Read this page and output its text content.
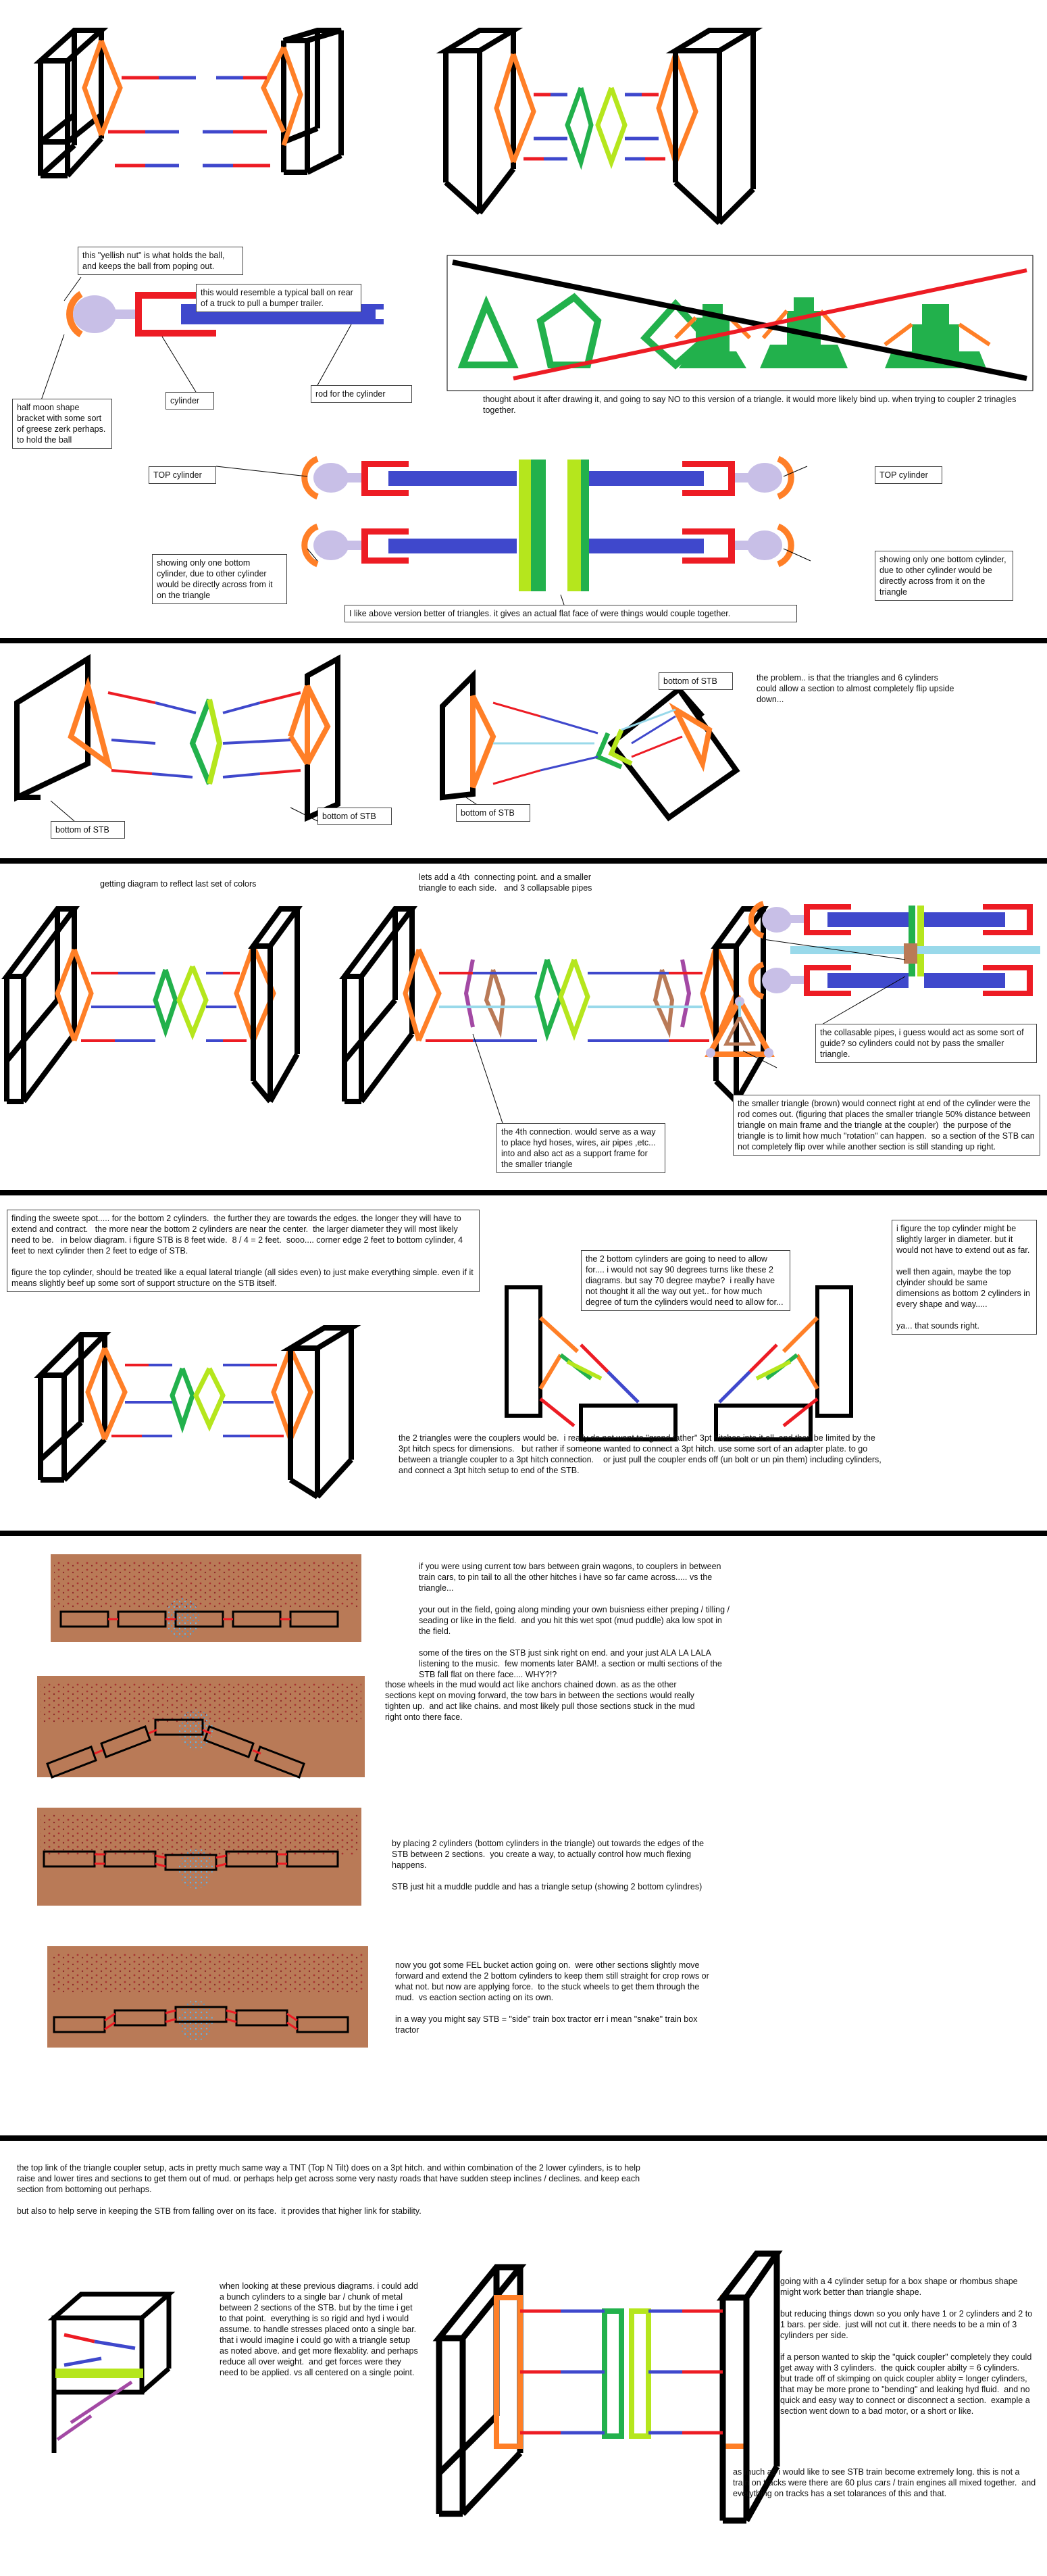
this "yellish nut" is what holds the ball, and keeps the ball from poping out.
this would resemble a typical ball on rear of a truck to pull a bumper trailer.
half moon shape bracket with some sort of greese zerk perhaps. to hold the ball
cylinder
rod for the cylinder
thought about it after drawing it, and going to say NO to this version of a triangle. it would more likely bind up. when trying to coupler 2 trinagles together.
TOP cylinder	TOP cylinder
showing only one bottom cylinder, due to other cylinder would be directly across from it on the triangle
showing only one bottom cylinder, due to other cylinder would be directly across from it on the triangle
I like above version better of triangles. it gives an actual flat face of were things would couple together.
bottom of STB
bottom of STB	bottom of STB
bottom of STB	the problem.. is that the triangles and 6 cylinders could allow a section to almost completely flip upside down...
getting diagram to reflect last set of colors
lets add a 4th  connecting point. and a smaller triangle to each side.   and 3 collapsable pipes
the collasable pipes, i guess would act as some sort of guide? so cylinders could not by pass the smaller triangle.
the 4th connection. would serve as a way to place hyd hoses, wires, air pipes ,etc... into and also act as a support frame for the smaller triangle
the smaller triangle (brown) would connect right at end of the cylinder were the rod comes out. (figuring that places the smaller triangle 50% distance between triangle on main frame and the triangle at the coupler)  the purpose of the triangle is to limit how much "rotation" can happen.  so a section of the STB can not completely flip over while another section is still standing up right.
finding the sweete spot..... for the bottom 2 cylinders.  the further they are towards the edges. the longer they will have to extend and contract.   the more near the bottom 2 cylinders are near the center.  the larger diameter they will most likely need to be.   in below diagram. i figure STB is 8 feet wide.  8 / 4 = 2 feet.  sooo.... corner edge 2 feet to bottom cylinder, 4 feet to next cylinder then 2 feet to edge of STB.

figure the top cylinder, should be treated like a equal lateral triangle (all sides even) to just make everything simple. even if it means slightly beef up some sort of support structure on the STB itself.
the 2 bottom cylinders are going to need to allow for.... i would not say 90 degrees turns like these 2 diagrams. but say 70 degree maybe?  i really have not thought it all the way out yet.. for how much degree of turn the cylinders would need to allow for...
i figure the top cylinder might be slightly larger in diameter. but it would not have to extend out as far.

well then again, maybe the top clyinder should be same dimensions as bottom 2 cylinders in every shape and way.....

ya... that sounds right.
the 2 triangles were the couplers would be.  i really do not want to "grand father" 3pt hitches into it all. and then be limited by the 3pt hitch specs for dimensions.   but rather if someone wanted to connect a 3pt hitch. use some sort of an adapter plate. to go between a triangle coupler to a 3pt hitch connection.    or just pull the coupler ends off (un bolt or un pin them) including cylinders, and connect a 3pt hitch setup to end of the STB.
if you were using current tow bars between grain wagons, to couplers in between train cars, to pin tail to all the other hitches i have so far came across..... vs the triangle...

your out in the field, going along minding your own buisniess either preping / tilling / seading or like in the field.  and you hit this wet spot (mud puddle) aka low spot in the field.

some of the tires on the STB just sink right on end. and your just ALA LA LALA listening to the music.  few moments later BAM!. a section or multi sections of the STB fall flat on there face.... WHY?!?
those wheels in the mud would act like anchors chained down. as as the other sections kept on moving forward, the tow bars in between the sections would really tighten up.  and act like chains. and most likely pull those sections stuck in the mud right onto there face.
by placing 2 cylinders (bottom cylinders in the triangle) out towards the edges of the STB between 2 sections.  you create a way, to actually control how much flexing happens.

STB just hit a muddle puddle and has a triangle setup (showing 2 bottom cylindres)
now you got some FEL bucket action going on.  were other sections slightly move forward and extend the 2 bottom cylinders to keep them still straight for crop rows or what not. but now are applying force.  to the stuck wheels to get them through the mud.  vs eaction section acting on its own.

in a way you might say STB = "side" train box tractor err i mean "snake" train box tractor
the top link of the triangle coupler setup, acts in pretty much same way a TNT (Top N Tilt) does on a 3pt hitch. and within combination of the 2 lower cylinders, is to help raise and lower tires and sections to get them out of mud. or perhaps help get across some very nasty roads that have sudden steep inclines / declines. and keep each section from bottoming out perhaps.

but also to help serve in keeping the STB from falling over on its face.  it provides that higher link for stability.
when looking at these previous diagrams. i could add a bunch cylinders to a single bar / chunk of metal between 2 sections of the STB. but by the time i get to that point.  everything is so rigid and hyd i would assume. to handle stresses placed onto a single bar.  that i would imagine i could go with a triangle setup as noted above. and get more flexablity. and perhaps reduce all over weight.  and get forces were they need to be applied. vs all centered on a single point.
going with a 4 cylinder setup for a box shape or rhombus shape might work better than triangle shape.

but reducing things down so you only have 1 or 2 cylinders and 2 to 1 bars. per side.  just will not cut it. there needs to be a min of 3 cylinders per side.

if a person wanted to skip the "quick coupler" completely they could get away with 3 cylinders.  the quick coupler abilty = 6 cylinders.       but trade off of skimping on quick coupler ablity = longer cylinders, that may be more prone to "bending" and leaking hyd fluid.  and no quick and easy way to connect or disconnect a section.  example a section went down to a bad motor, or a short or like.
as much as i would like to see STB train become extremely long. this is not a train on tracks were there are 60 plus cars / train engines all mixed together.  and everything on tracks has a set tolarances of this and that.
